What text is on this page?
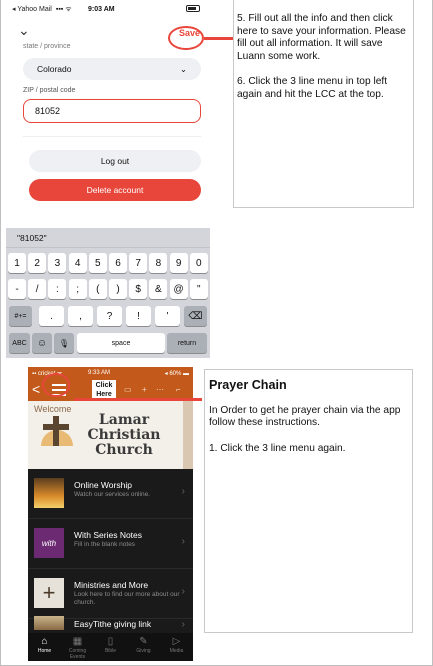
◂ Yahoo Mail ▪▪▪ ᯤ 9:03 AM
⌄	Save
state / province
Colorado	⌄
ZIP / postal code
81052
Log out
Delete account

5. Fill out all the info and then click here to save your information. Please fill out all information. It will save Luann some work.

6. Click the 3 line menu in top left again and hit the LCC at the top.

"81052"
1	2	3	4	5	6	7	8	9	0
-	/	:	;	(	)	$	&	@	"
#+=	.	,	?	!	'	⌫
ABC	☺	🎙	space	return
▪▪ cricket ᯤ	9:33 AM	◂ 60% ▬
<	Click Here
▭ + ⋯ ⌐
Welcome
Lamar Christian Church
Online Worship
Watch our services online.	›
with
With Series Notes
Fill in the blank notes	›
+	Ministries and More
Look here to find our more about our church.
›
EasyTithe giving link	›
⌂
Home
▦
Coming Events
▯
Bible
✎
Giving
▷
Media
Prayer Chain

In Order to get he prayer chain via the app follow these instructions.

1. Click the 3 line menu again.
